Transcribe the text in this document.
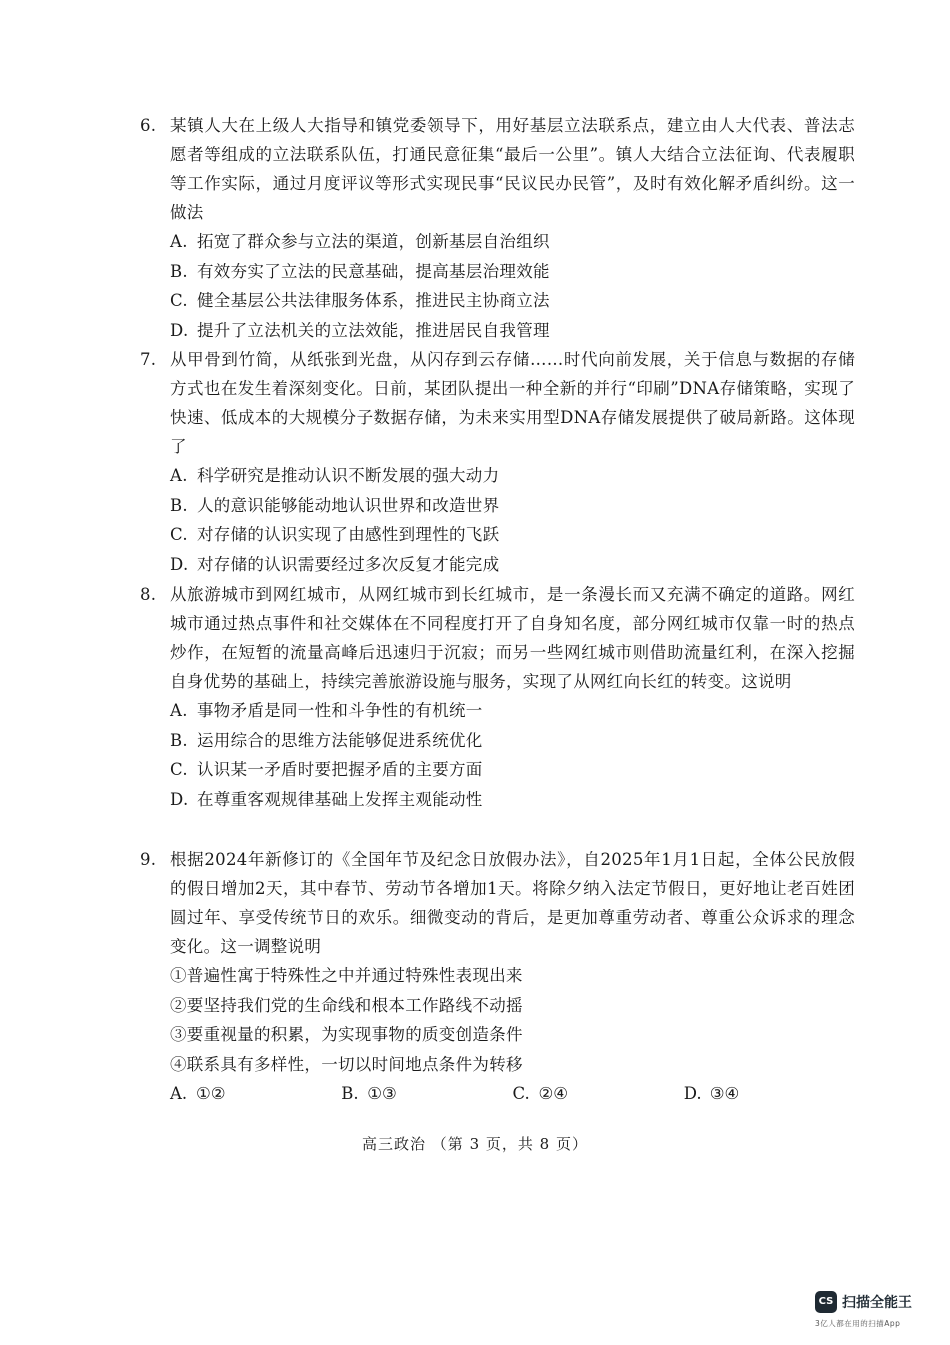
6. 某镇人大在上级人大指导和镇党委领导下，用好基层立法联系点，建立由人大代表、普法志愿者等组成的立法联系队伍，打通民意征集“最后一公里”。镇人大结合立法征询、代表履职等工作实际，通过月度评议等形式实现民事“民议民办民管”，及时有效化解矛盾纠纷。这一做法
A. 拓宽了群众参与立法的渠道，创新基层自治组织
B. 有效夯实了立法的民意基础，提高基层治理效能
C. 健全基层公共法律服务体系，推进民主协商立法
D. 提升了立法机关的立法效能，推进居民自我管理
7. 从甲骨到竹简，从纸张到光盘，从闪存到云存储……时代向前发展，关于信息与数据的存储方式也在发生着深刻变化。日前，某团队提出一种全新的并行“印刷”DNA存储策略，实现了快速、低成本的大规模分子数据存储，为未来实用型DNA存储发展提供了破局新路。这体现了
A. 科学研究是推动认识不断发展的强大动力
B. 人的意识能够能动地认识世界和改造世界
C. 对存储的认识实现了由感性到理性的飞跃
D. 对存储的认识需要经过多次反复才能完成
8. 从旅游城市到网红城市，从网红城市到长红城市，是一条漫长而又充满不确定的道路。网红城市通过热点事件和社交媒体在不同程度打开了自身知名度，部分网红城市仅靠一时的热点炒作，在短暂的流量高峰后迅速归于沉寂；而另一些网红城市则借助流量红利，在深入挖掘自身优势的基础上，持续完善旅游设施与服务，实现了从网红向长红的转变。这说明
A. 事物矛盾是同一性和斗争性的有机统一
B. 运用综合的思维方法能够促进系统优化
C. 认识某一矛盾时要把握矛盾的主要方面
D. 在尊重客观规律基础上发挥主观能动性
9. 根据2024年新修订的《全国年节及纪念日放假办法》，自2025年1月1日起，全体公民放假的假日增加2天，其中春节、劳动节各增加1天。将除夕纳入法定节假日，更好地让老百姓团圆过年、享受传统节日的欢乐。细微变动的背后，是更加尊重劳动者、尊重公众诉求的理念变化。这一调整说明
①普遍性寓于特殊性之中并通过特殊性表现出来
②要坚持我们党的生命线和根本工作路线不动摇
③要重视量的积累，为实现事物的质变创造条件
④联系具有多样性，一切以时间地点条件为转移
A. ①②	B. ①③	C. ②④	D. ③④
高三政治 （第 3 页，共 8 页）
CS 扫描全能王
3亿人都在用的扫描App
